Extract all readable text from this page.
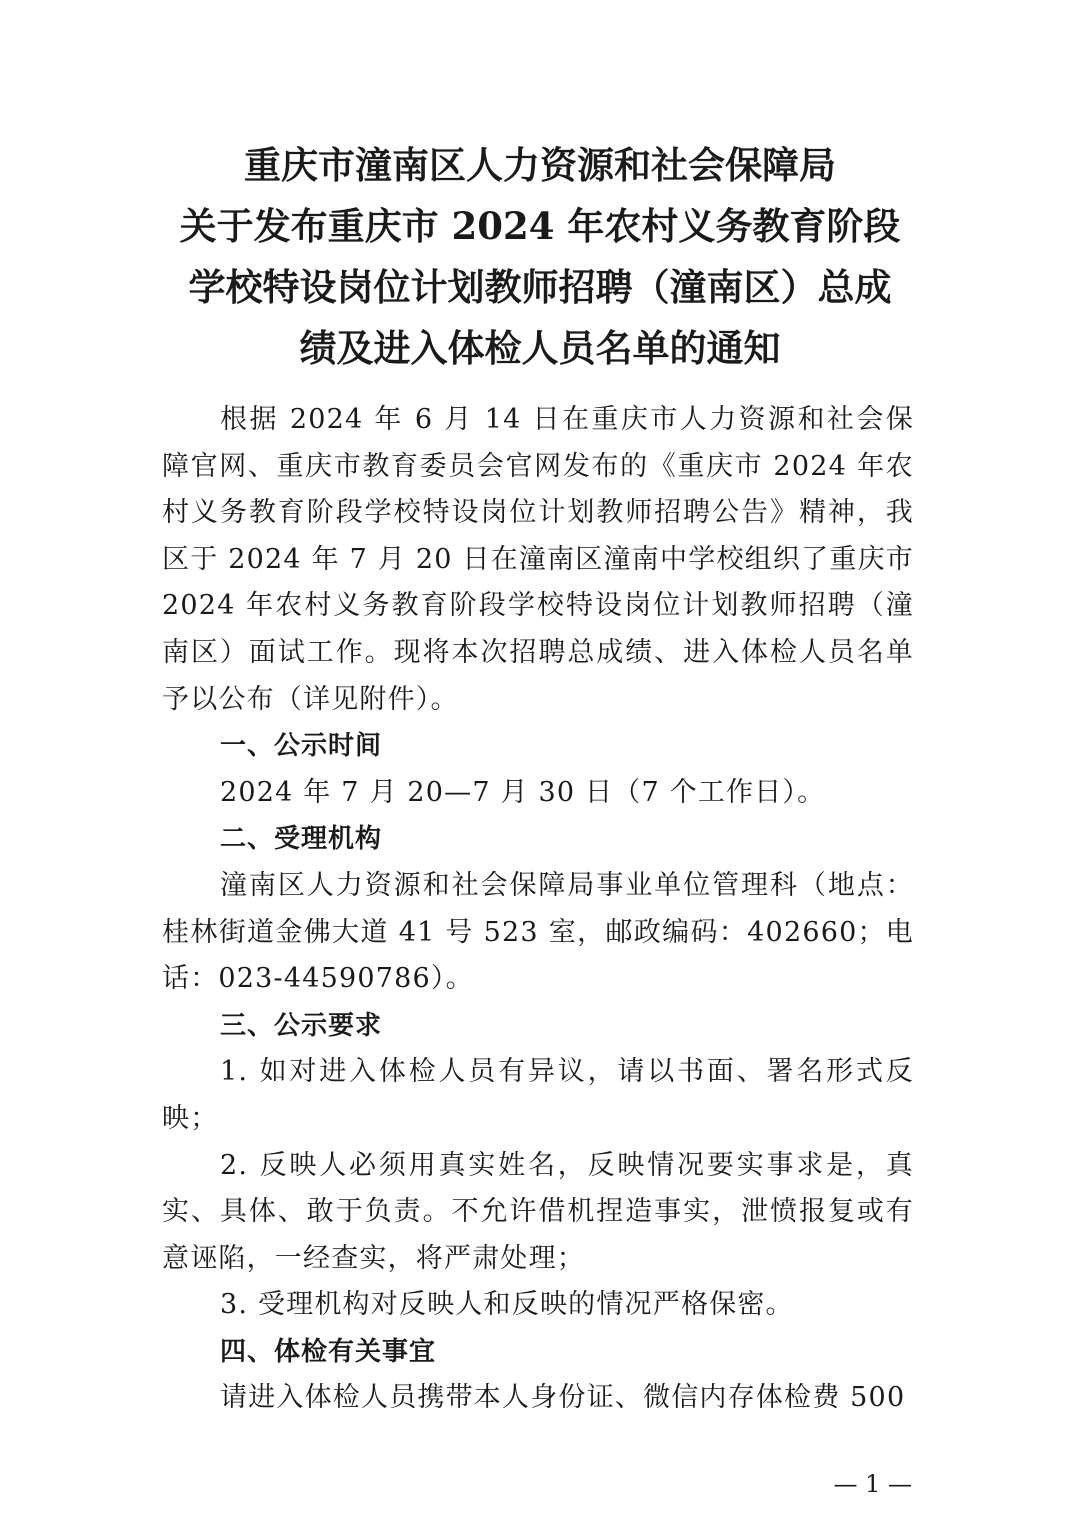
重庆市潼南区人力资源和社会保障局
关于发布重庆市 2024 年农村义务教育阶段
学校特设岗位计划教师招聘（潼南区）总成
绩及进入体检人员名单的通知

根据 2024 年 6 月 14 日在重庆市人力资源和社会保障官网、重庆市教育委员会官网发布的《重庆市 2024 年农村义务教育阶段学校特设岗位计划教师招聘公告》精神，我区于 2024 年 7 月 20 日在潼南区潼南中学校组织了重庆市 2024 年农村义务教育阶段学校特设岗位计划教师招聘（潼南区）面试工作。现将本次招聘总成绩、进入体检人员名单予以公布（详见附件）。

一、公示时间

2024 年 7 月 20—7 月 30 日（7 个工作日）。

二、受理机构

潼南区人力资源和社会保障局事业单位管理科（地点：桂林街道金佛大道 41 号 523 室，邮政编码：402660；电话：023-44590786）。

三、公示要求

1. 如对进入体检人员有异议，请以书面、署名形式反映；

2. 反映人必须用真实姓名，反映情况要实事求是，真实、具体、敢于负责。不允许借机捏造事实，泄愤报复或有意诬陷，一经查实，将严肃处理；

3. 受理机构对反映人和反映的情况严格保密。

四、体检有关事宜

请进入体检人员携带本人身份证、微信内存体检费 500

— 1 —
